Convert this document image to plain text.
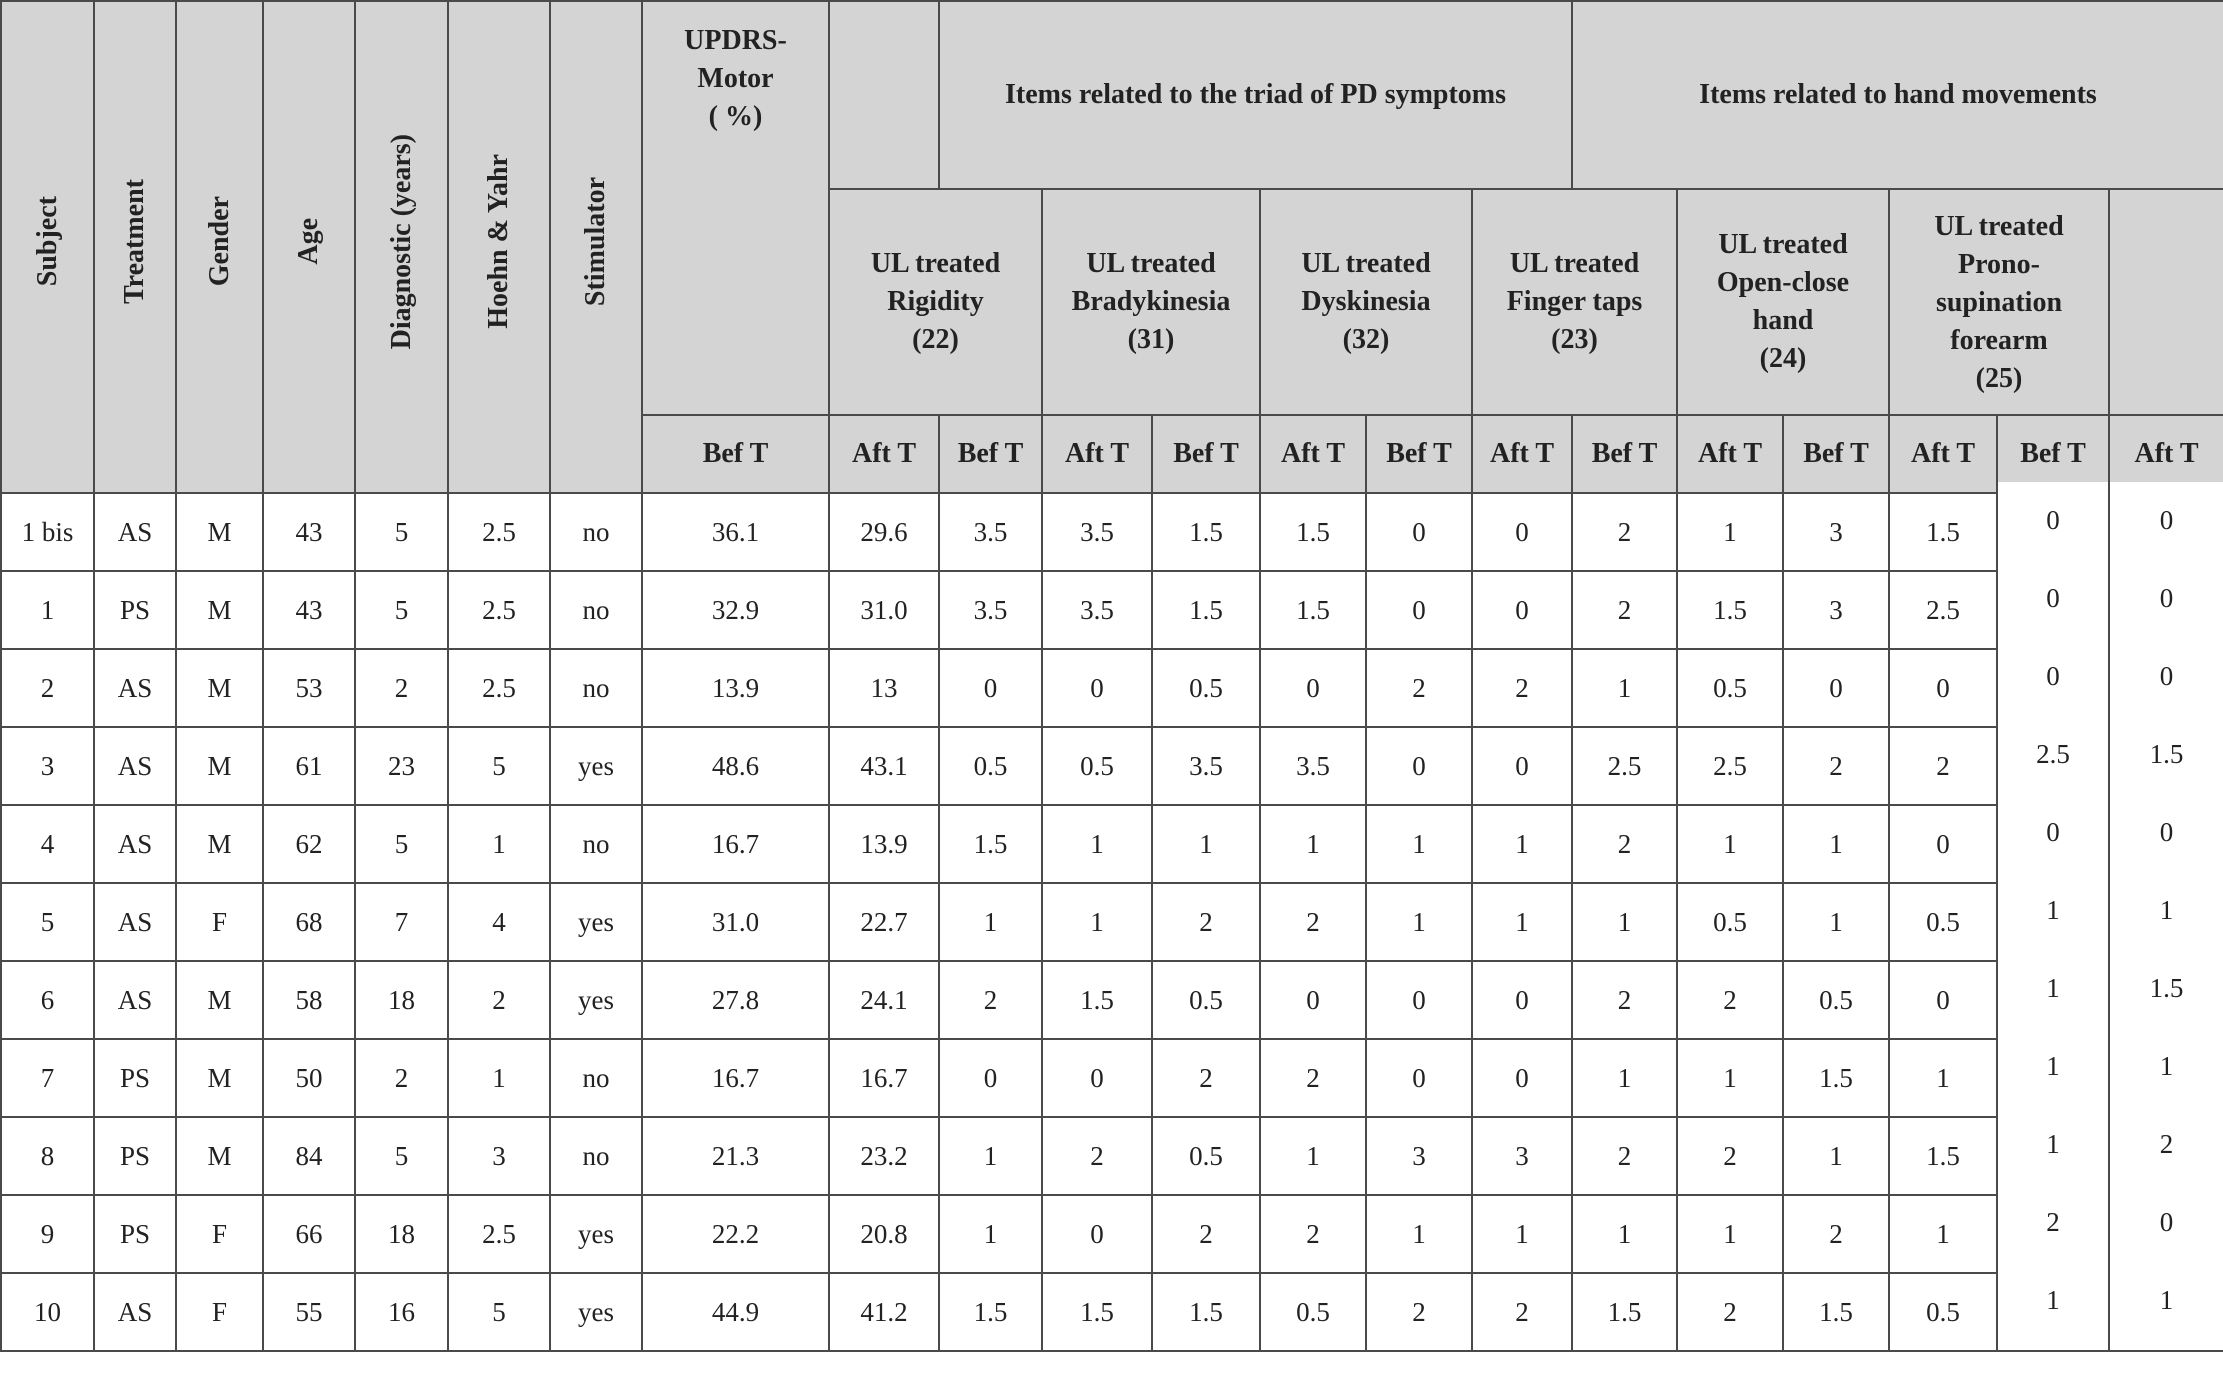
Subject	Treatment	Gender	Age	Diagnostic (years)	Hoehn & Yahr	Stimulator	UPDRS-
Motor
( %)		Items related to the triad of PD symptoms						Items related to hand movements					
								UL treated
Rigidity
(22)		UL treated
Bradykinesia
(31)		UL treated
Dyskinesia
(32)		UL treated
Finger taps
(23)		UL treated
Open-close
hand
(24)		UL treated
Prono-
supination
forearm
(25)		
							Bef T	Aft T	Bef T	Aft T	Bef T	Aft T	Bef T	Aft T	Bef T	Aft T	Bef T	Aft T	Bef T	Aft T
1 bis	AS	M	43	5	2.5	no	36.1	29.6	3.5	3.5	1.5	1.5	0	0	2	1	3	1.5	0	0
1	PS	M	43	5	2.5	no	32.9	31.0	3.5	3.5	1.5	1.5	0	0	2	1.5	3	2.5	0	0
2	AS	M	53	2	2.5	no	13.9	13	0	0	0.5	0	2	2	1	0.5	0	0	0	0
3	AS	M	61	23	5	yes	48.6	43.1	0.5	0.5	3.5	3.5	0	0	2.5	2.5	2	2	2.5	1.5
4	AS	M	62	5	1	no	16.7	13.9	1.5	1	1	1	1	1	2	1	1	0	0	0
5	AS	F	68	7	4	yes	31.0	22.7	1	1	2	2	1	1	1	0.5	1	0.5	1	1
6	AS	M	58	18	2	yes	27.8	24.1	2	1.5	0.5	0	0	0	2	2	0.5	0	1	1.5
7	PS	M	50	2	1	no	16.7	16.7	0	0	2	2	0	0	1	1	1.5	1	1	1
8	PS	M	84	5	3	no	21.3	23.2	1	2	0.5	1	3	3	2	2	1	1.5	1	2
9	PS	F	66	18	2.5	yes	22.2	20.8	1	0	2	2	1	1	1	1	2	1	2	0
10	AS	F	55	16	5	yes	44.9	41.2	1.5	1.5	1.5	0.5	2	2	1.5	2	1.5	0.5	1	1
